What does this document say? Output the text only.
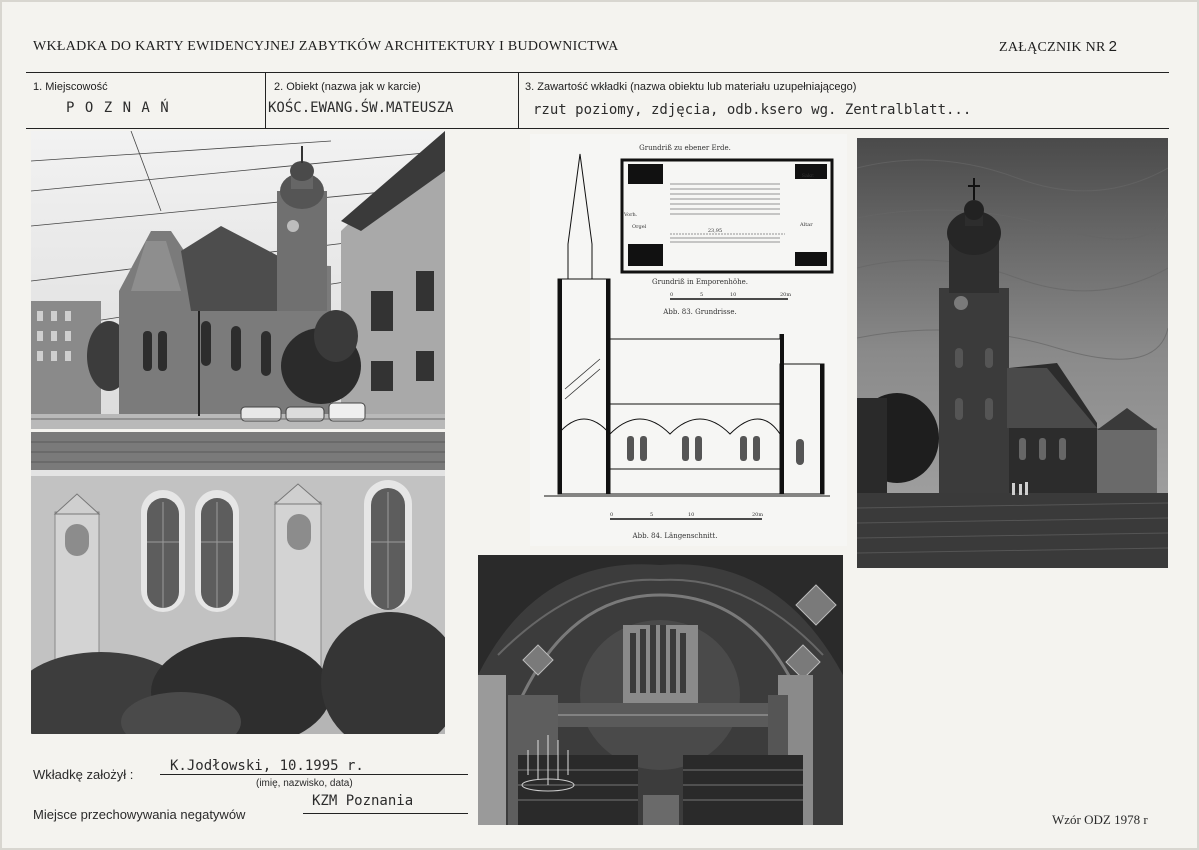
WKŁADKA DO KARTY EWIDENCYJNEJ ZABYTKÓW ARCHITEKTURY I BUDOWNICTWA	ZAŁĄCZNIK NR 2
1. Miejscowość
P O Z N A Ń
2. Obiekt (nazwa jak w karcie)
KOŚC.EWANG.ŚW.MATEUSZA
3. Zawartość wkładki (nazwa obiektu lub materiału uzupełniającego)
rzut poziomy, zdjęcia, odb.ksero wg. Zentralblatt...
Grundriß zu ebener Erde.
Sakr.
Vorh.
Orgel	Altar
23,95
Grundriß in Emporenhöhe.
0	5	10	20m
Abb. 83. Grundrisse.
0	5	10	20m
Abb. 84. Längenschnitt.
Wkładkę założył :
K.Jodłowski, 10.1995 r.
(imię, nazwisko, data)
Miejsce przechowywania negatywów
KZM Poznania
Wzór ODZ 1978 r
